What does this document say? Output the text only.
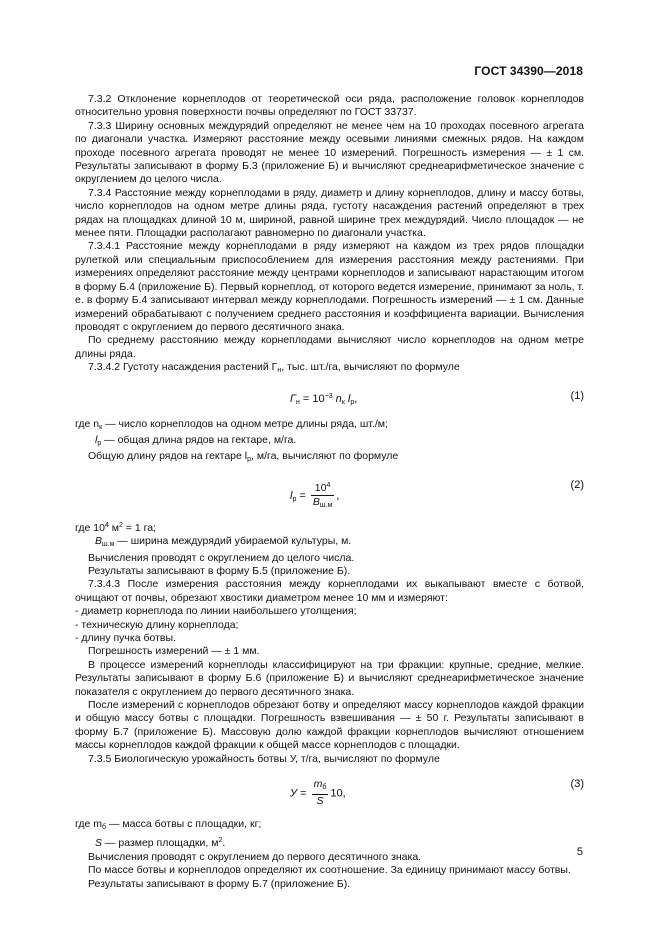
ГОСТ 34390—2018

7.3.2 Отклонение корнеплодов от теоретической оси ряда, расположение головок корнеплодов относительно уровня поверхности почвы определяют по ГОСТ 33737.

7.3.3 Ширину основных междурядий определяют не менее чем на 10 проходах посевного агрегата по диагонали участка. Измеряют расстояние между осевыми линиями смежных рядов. На каждом проходе посевного агрегата проводят не менее 10 измерений. Погрешность измерения — ± 1 см. Результаты записывают в форму Б.3 (приложение Б) и вычисляют среднеарифметическое значение с округлением до целого числа.

7.3.4 Расстояние между корнеплодами в ряду, диаметр и длину корнеплодов, длину и массу ботвы, число корнеплодов на одном метре длины ряда, густоту насаждения растений определяют в трех рядах на площадках длиной 10 м, шириной, равной ширине трех междурядий. Число площадок — не менее пяти. Площадки располагают равномерно по диагонали участка.

7.3.4.1 Расстояние между корнеплодами в ряду измеряют на каждом из трех рядов площадки рулеткой или специальным приспособлением для измерения расстояния между растениями. При измерениях определяют расстояние между центрами корнеплодов и записывают нарастающим итогом в форму Б.4 (приложение Б). Первый корнеплод, от которого ведется измерение, принимают за ноль, т. е. в форму Б.4 записывают интервал между корнеплодами. Погрешность измерений — ± 1 см. Данные измерений обрабатывают с получением среднего расстояния и коэффициента вариации. Вычисления проводят с округлением до первого десятичного знака.

По среднему расстоянию между корнеплодами вычисляют число корнеплодов на одном метре длины ряда.

7.3.4.2 Густоту насаждения растений $Г_н$, тыс. шт./га, вычисляют по формуле

$Г_н = 10^{-3}$ $n_к$ $l_р$,	(1)

где $n_к$ — число корнеплодов на одном метре длины ряда, шт./м;

$l_р$ — общая длина рядов на гектаре, м/га.

Общую длину рядов на гектаре $l_р$, м/га, вычисляют по формуле

$l_р = \frac{10^4}{B_{ш.м}}$ ,
(2)

где $10^4$ $м^2 = 1$ га;

$B_{ш.м}$ — ширина междурядий убираемой культуры, м.

Вычисления проводят с округлением до целого числа.

Результаты записывают в форму Б.5 (приложение Б).

7.3.4.3 После измерения расстояния между корнеплодами их выкапывают вместе с ботвой, очищают от почвы, обрезают хвостики диаметром менее 10 мм и измеряют:

- диаметр корнеплода по линии наибольшего утолщения;

- техническую длину корнеплода;

- длину пучка ботвы.

Погрешность измерений — ± 1 мм.

В процессе измерений корнеплоды классифицируют на три фракции: крупные, средние, мелкие. Результаты записывают в форму Б.6 (приложение Б) и вычисляют среднеарифметическое значение показателя с округлением до первого десятичного знака.

После измерений с корнеплодов обрезают ботву и определяют массу корнеплодов каждой фракции и общую массу ботвы с площадки. Погрешность взвешивания — ± 50 г. Результаты записывают в форму Б.7 (приложение Б). Массовую долю каждой фракции корнеплодов вычисляют отношением массы корнеплодов каждой фракции к общей массе корнеплодов с площадки.

7.3.5 Биологическую урожайность ботвы У, т/га, вычисляют по формуле

$У = \frac{m_б}{S} 10$,
(3)

где $m_б$ — масса ботвы с площадки, кг;

S — размер площадки, $м^2$.

Вычисления проводят с округлением до первого десятичного знака.

По массе ботвы и корнеплодов определяют их соотношение. За единицу принимают массу ботвы.

Результаты записывают в форму Б.7 (приложение Б).

5
